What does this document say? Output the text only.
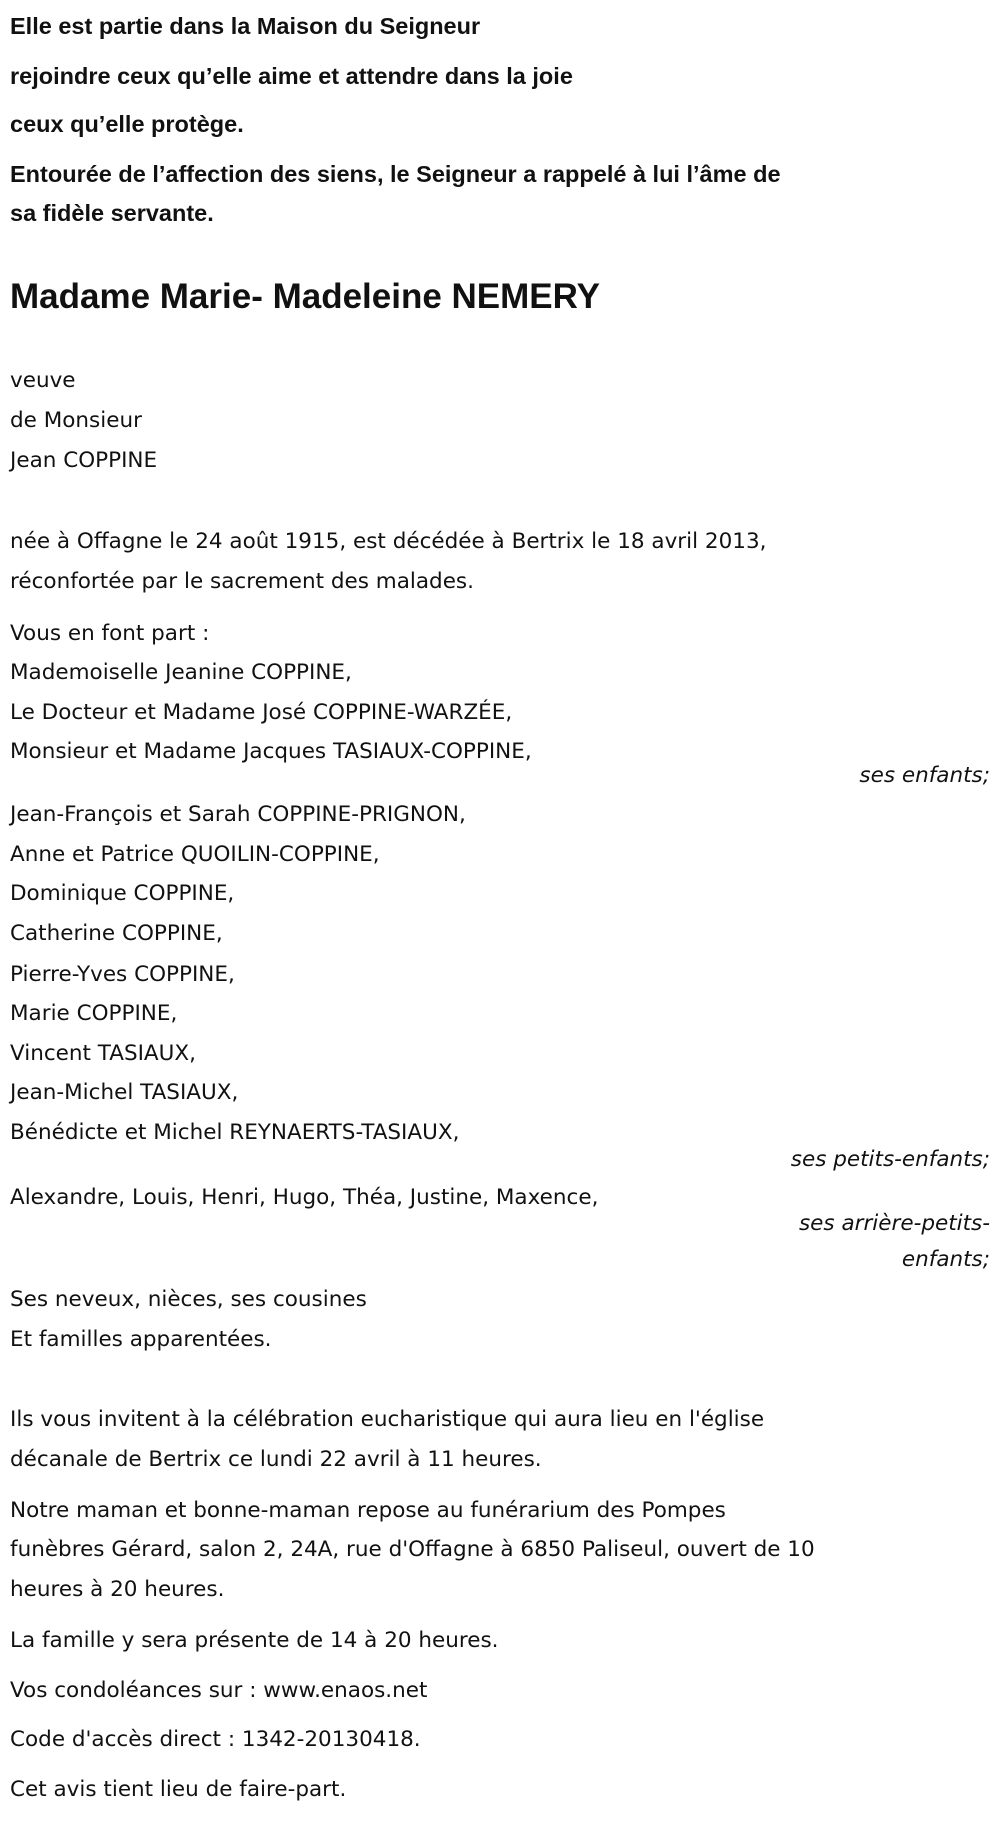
Elle est partie dans la Maison du Seigneur
rejoindre ceux qu’elle aime et attendre dans la joie
ceux qu’elle protège.
Entourée de l’affection des siens, le Seigneur a rappelé à lui l’âme de
sa fidèle servante.
Madame Marie- Madeleine NEMERY
veuve
de Monsieur
Jean COPPINE
née à Offagne le 24 août 1915, est décédée à Bertrix le 18 avril 2013,
réconfortée par le sacrement des malades.
Vous en font part :
Mademoiselle Jeanine COPPINE,
Le Docteur et Madame José COPPINE-WARZÉE,
Monsieur et Madame Jacques TASIAUX-COPPINE,
ses enfants;
Jean-François et Sarah COPPINE-PRIGNON,
Anne et Patrice QUOILIN-COPPINE,
Dominique COPPINE,
Catherine COPPINE,
Pierre-Yves COPPINE,
Marie COPPINE,
Vincent TASIAUX,
Jean-Michel TASIAUX,
Bénédicte et Michel REYNAERTS-TASIAUX,
ses petits-enfants;
Alexandre, Louis, Henri, Hugo, Théa, Justine, Maxence,
ses arrière-petits-
enfants;
Ses neveux, nièces, ses cousines
Et familles apparentées.
Ils vous invitent à la célébration eucharistique qui aura lieu en l'église
décanale de Bertrix ce lundi 22 avril à 11 heures.
Notre maman et bonne-maman repose au funérarium des Pompes
funèbres Gérard, salon 2, 24A, rue d'Offagne à 6850 Paliseul, ouvert de 10
heures à 20 heures.
La famille y sera présente de 14 à 20 heures.
Vos condoléances sur : www.enaos.net
Code d'accès direct : 1342-20130418.
Cet avis tient lieu de faire-part.
